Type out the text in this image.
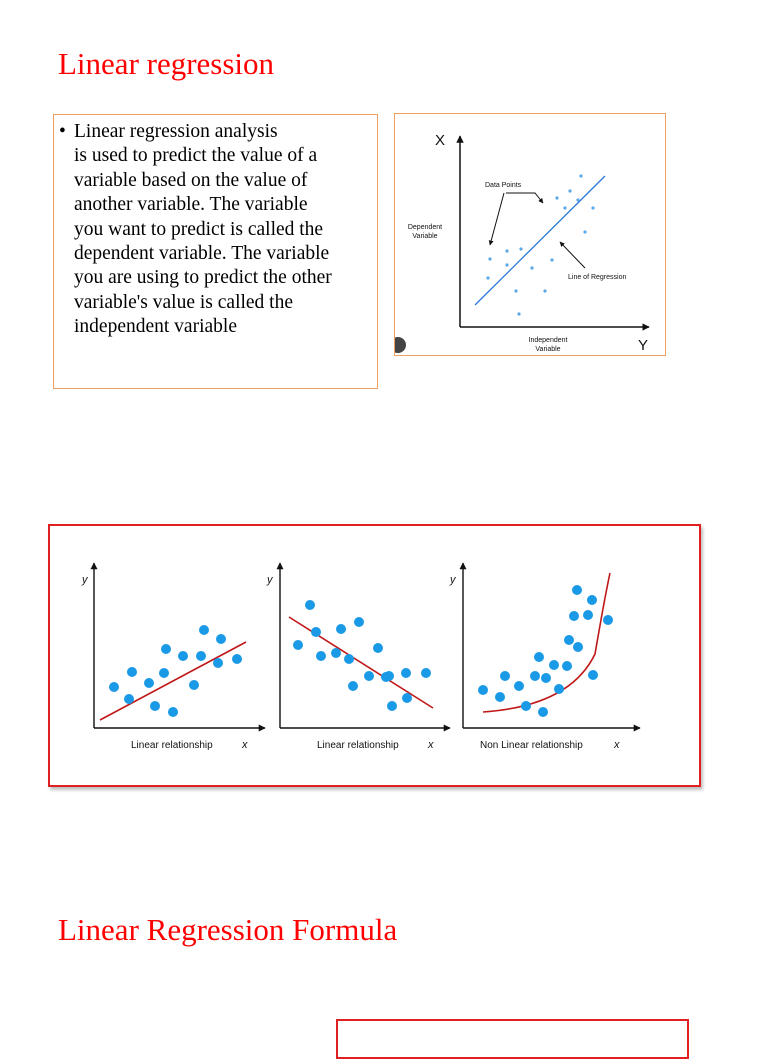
Linear regression
• Linear regression analysis
is used to predict the value of a
variable based on the value of
another variable. The variable
you want to predict is called the
dependent variable. The variable
you are using to predict the other
variable's value is called the
independent variable
X
Y
Dependent
Variable
Independent
Variable
Data Points
Line of Regression
y
x
Linear relationship
y
x
Linear relationship
y
x
Non Linear relationship
Linear Regression Formula
